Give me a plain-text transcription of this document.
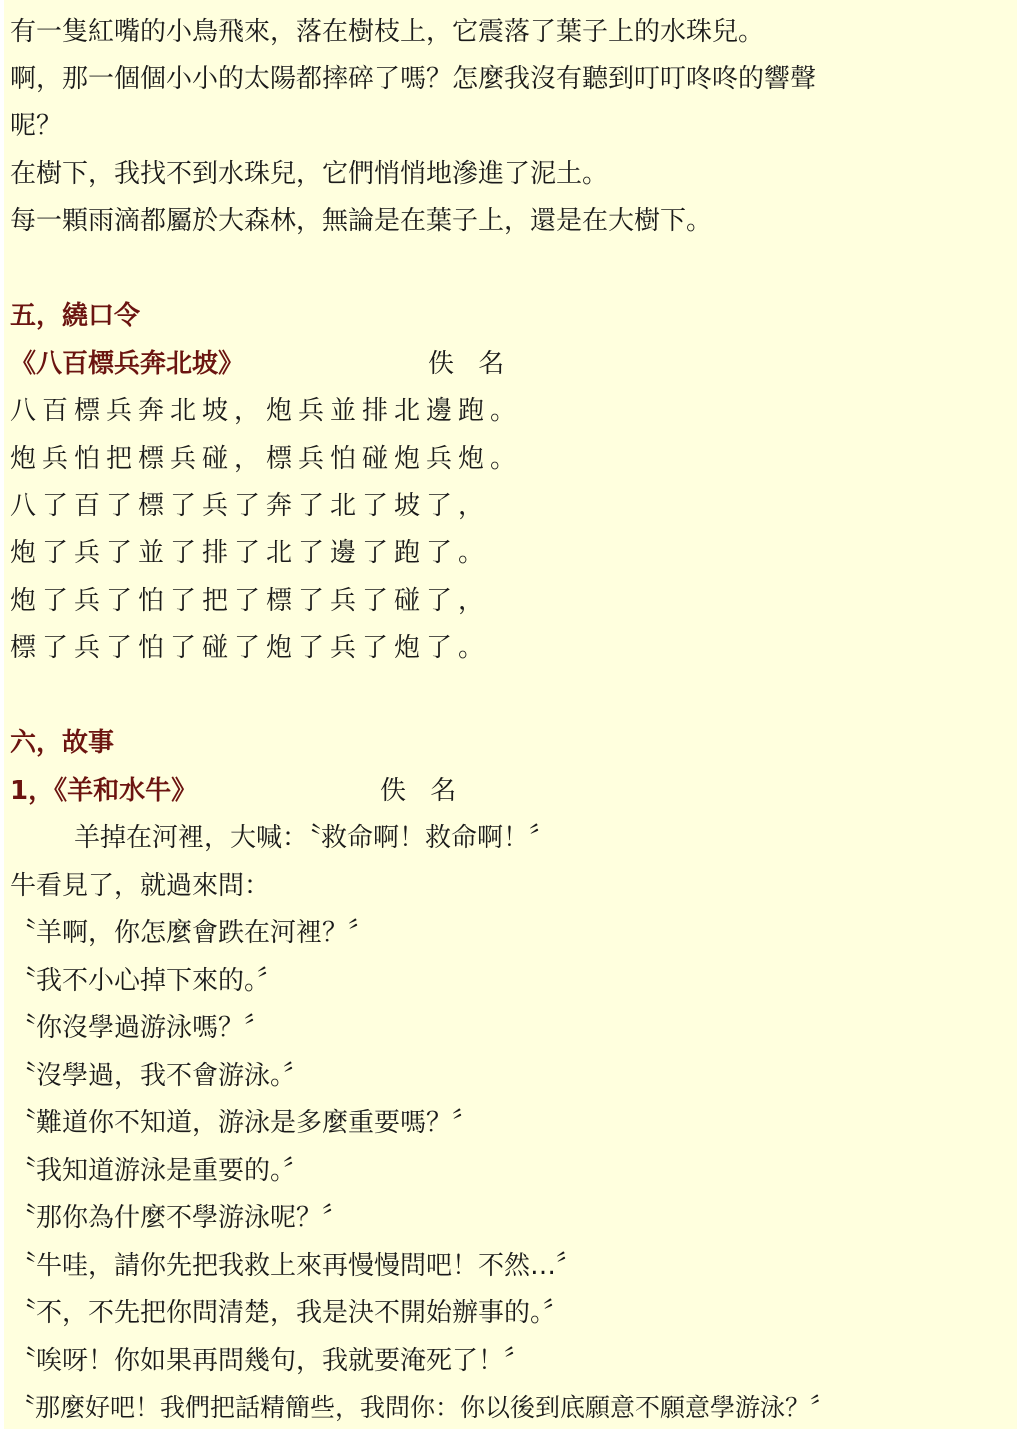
有一隻紅嘴的小鳥飛來，落在樹枝上，它震落了葉子上的水珠兒。
啊，那一個個小小的太陽都摔碎了嗎？怎麼我沒有聽到叮叮咚咚的響聲
呢？
在樹下，我找不到水珠兒，它們悄悄地滲進了泥土。
每一顆雨滴都屬於大森林，無論是在葉子上，還是在大樹下。
五，繞口令
《八百標兵奔北坡》	佚 名
八百標兵奔北坡，炮兵並排北邊跑。
炮兵怕把標兵碰，標兵怕碰炮兵炮。
八了百了標了兵了奔了北了坡了，
炮了兵了並了排了北了邊了跑了。
炮了兵了怕了把了標了兵了碰了，
標了兵了怕了碰了炮了兵了炮了。
六，故事
1，《羊和水牛》	佚 名
羊掉在河裡，大喊：〝救命啊！救命啊！〞
牛看見了，就過來問：
〝羊啊，你怎麼會跌在河裡？〞
〝我不小心掉下來的。〞
〝你沒學過游泳嗎？〞
〝沒學過，我不會游泳。〞
〝難道你不知道，游泳是多麼重要嗎？〞
〝我知道游泳是重要的。〞
〝那你為什麼不學游泳呢？〞
〝牛哇，請你先把我救上來再慢慢問吧！不然…〞
〝不，不先把你問清楚，我是決不開始辦事的。〞
〝唉呀！你如果再問幾句，我就要淹死了！〞
〝那麼好吧！我們把話精簡些，我問你：你以後到底願意不願意學游泳？〞
